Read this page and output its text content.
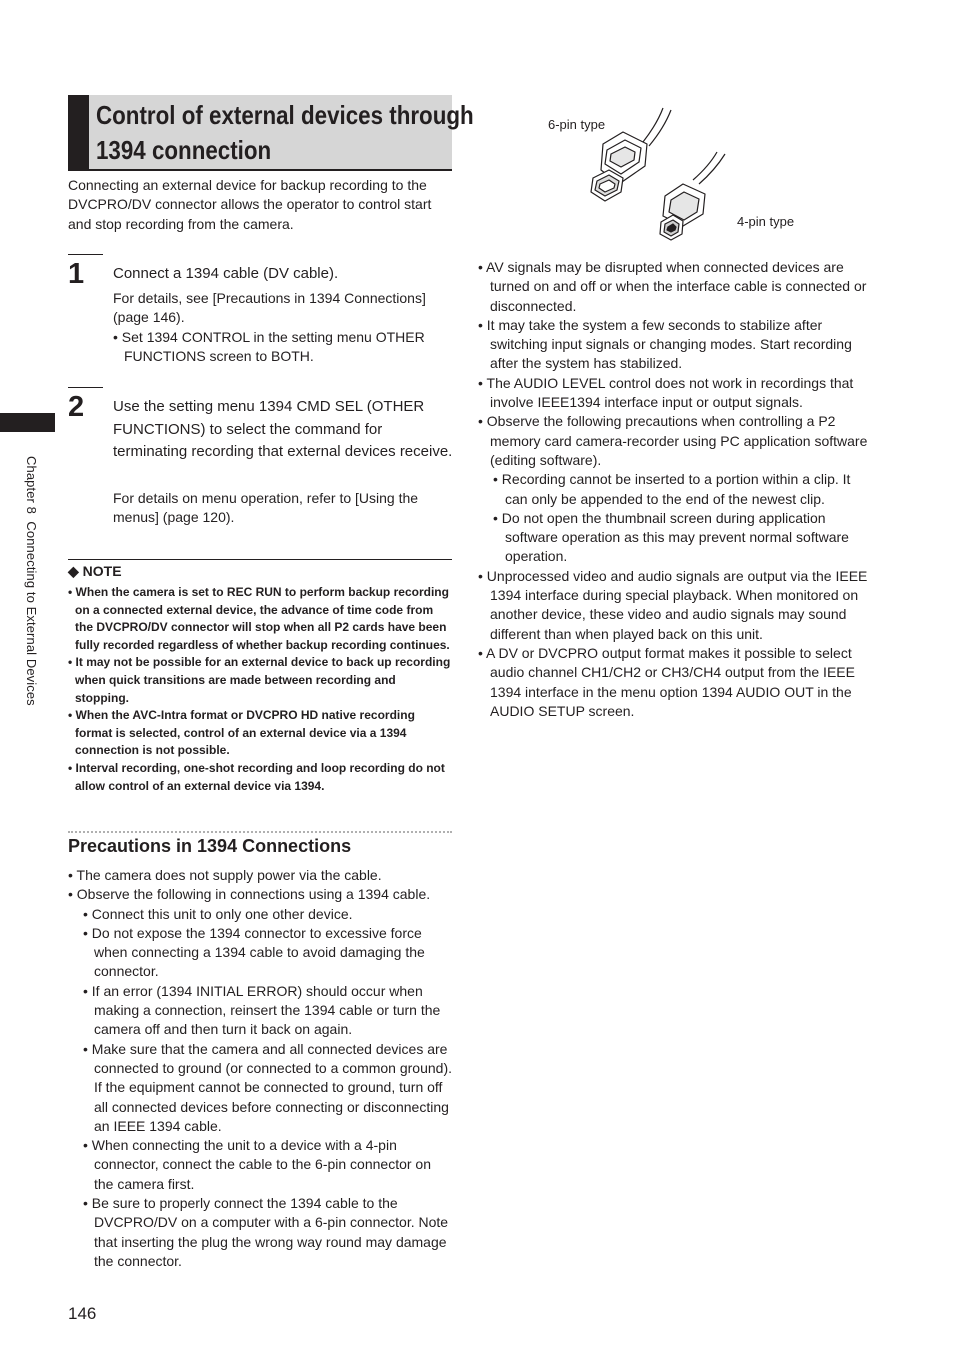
Chapter 8  Connecting to External Devices
Control of external devices through
1394 connection
Connecting an external device for backup recording to the DVCPRO/DV connector allows the operator to control start and stop recording from the camera.
1 Connect a 1394 cable (DV cable).
For details, see [Precautions in 1394 Connections] (page 146).
• Set 1394 CONTROL in the setting menu OTHER FUNCTIONS screen to BOTH.
2 Use the setting menu 1394 CMD SEL (OTHER FUNCTIONS) to select the command for terminating recording that external devices receive.
For details on menu operation, refer to [Using the menus] (page 120).
◆ NOTE
• When the camera is set to REC RUN to perform backup recording on a connected external device, the advance of time code from the DVCPRO/DV connector will stop when all P2 cards have been fully recorded regardless of whether backup recording continues.
• It may not be possible for an external device to back up recording when quick transitions are made between recording and stopping.
• When the AVC-Intra format or DVCPRO HD native recording format is selected, control of an external device via a 1394 connection is not possible.
• Interval recording, one-shot recording and loop recording do not allow control of an external device via 1394.
Precautions in 1394 Connections
• The camera does not supply power via the cable.
• Observe the following in connections using a 1394 cable.
• Connect this unit to only one other device.
• Do not expose the 1394 connector to excessive force when connecting a 1394 cable to avoid damaging the connector.
• If an error (1394 INITIAL ERROR) should occur when making a connection, reinsert the 1394 cable or turn the camera off and then turn it back on again.
• Make sure that the camera and all connected devices are connected to ground (or connected to a common ground). If the equipment cannot be connected to ground, turn off all connected devices before connecting or disconnecting an IEEE 1394 cable.
• When connecting the unit to a device with a 4-pin connector, connect the cable to the 6-pin connector on the camera first.
• Be sure to properly connect the 1394 cable to the DVCPRO/DV on a computer with a 6-pin connector. Note that inserting the plug the wrong way round may damage the connector.
6-pin type
4-pin type
• AV signals may be disrupted when connected devices are turned on and off or when the interface cable is connected or disconnected.
• It may take the system a few seconds to stabilize after switching input signals or changing modes. Start recording after the system has stabilized.
• The AUDIO LEVEL control does not work in recordings that involve IEEE1394 interface input or output signals.
• Observe the following precautions when controlling a P2 memory card camera-recorder using PC application software (editing software).
• Recording cannot be inserted to a portion within a clip. It can only be appended to the end of the newest clip.
• Do not open the thumbnail screen during application software operation as this may prevent normal software operation.
• Unprocessed video and audio signals are output via the IEEE 1394 interface during special playback. When monitored on another device, these video and audio signals may sound different than when played back on this unit.
• A DV or DVCPRO output format makes it possible to select audio channel CH1/CH2 or CH3/CH4 output from the IEEE 1394 interface in the menu option 1394 AUDIO OUT in the AUDIO SETUP screen.
146
